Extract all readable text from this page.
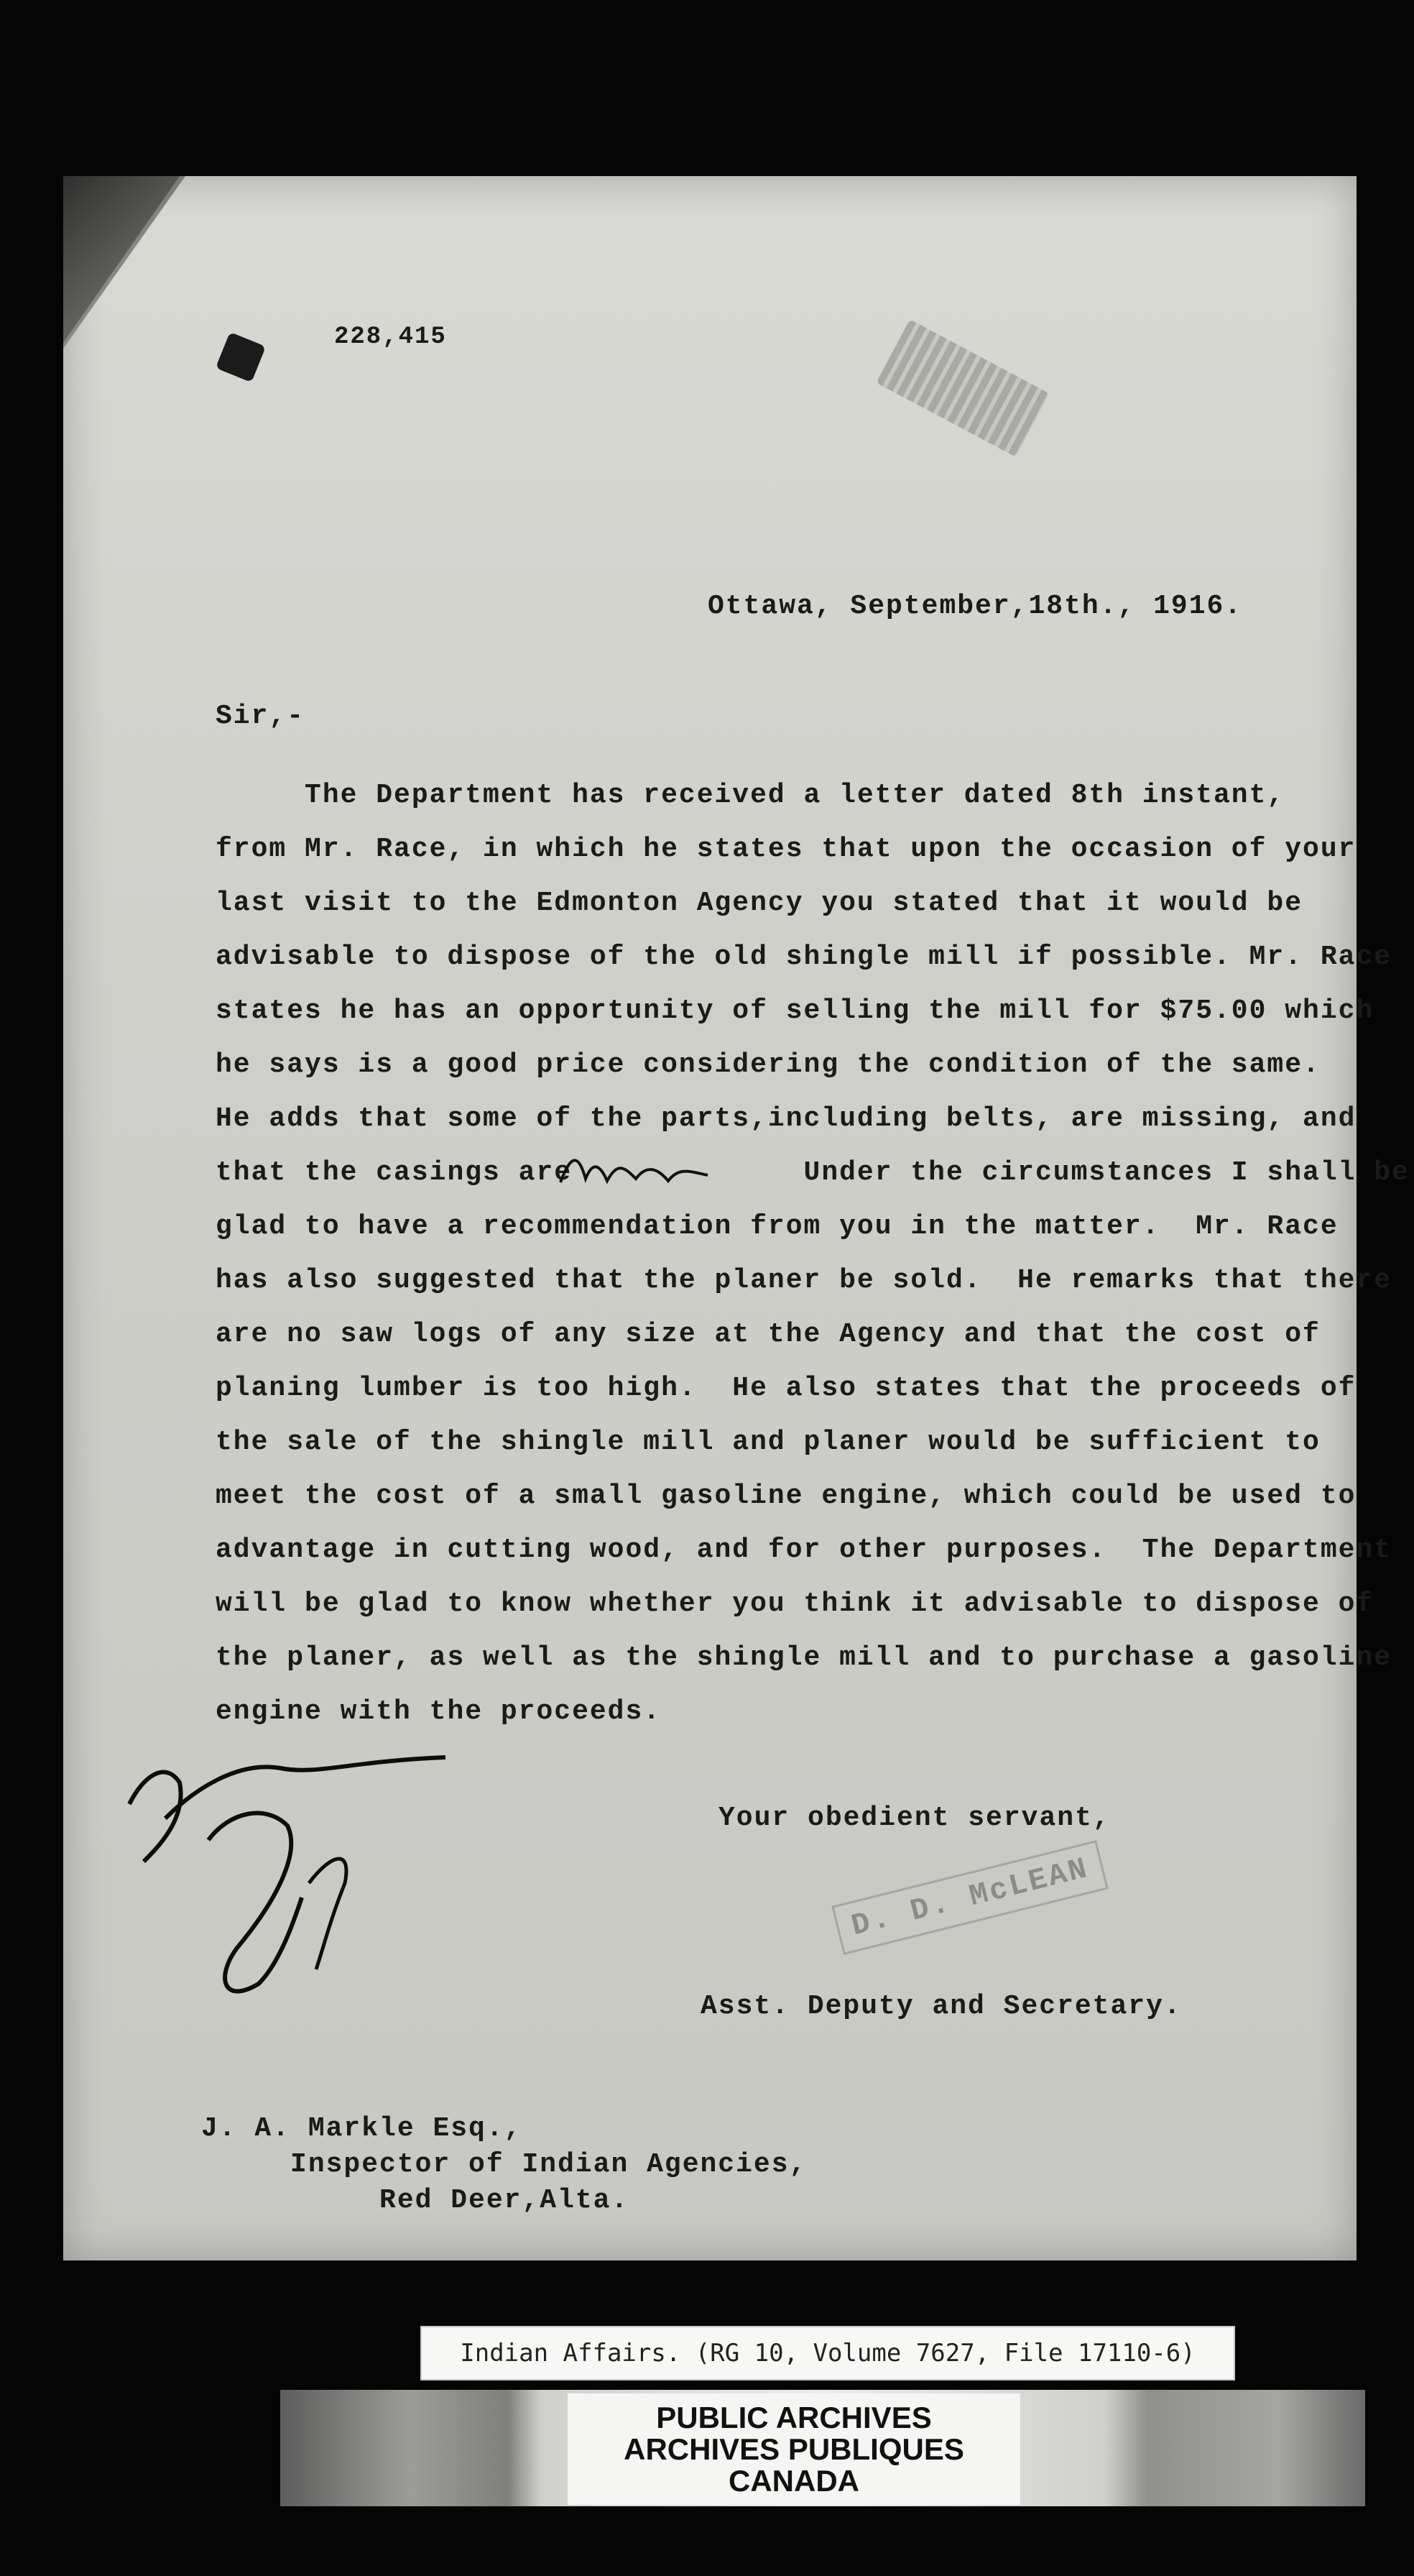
228,415
Ottawa, September,18th., 1916.
Sir,-
The Department has received a letter dated 8th instant,
from Mr. Race, in which he states that upon the occasion of your
last visit to the Edmonton Agency you stated that it would be
advisable to dispose of the old shingle mill if possible. Mr. Race
states he has an opportunity of selling the mill for $75.00 which
he says is a good price considering the condition of the same.
He adds that some of the parts,including belts, are missing, and
that the casings are             Under the circumstances I shall be
glad to have a recommendation from you in the matter.  Mr. Race
has also suggested that the planer be sold.  He remarks that there
are no saw logs of any size at the Agency and that the cost of
planing lumber is too high.  He also states that the proceeds of
the sale of the shingle mill and planer would be sufficient to
meet the cost of a small gasoline engine, which could be used to
advantage in cutting wood, and for other purposes.  The Department
will be glad to know whether you think it advisable to dispose of
the planer, as well as the shingle mill and to purchase a gasoline
engine with the proceeds.
Your obedient servant,
D. D. McLEAN
Asst. Deputy and Secretary.
J. A. Markle Esq.,
Inspector of Indian Agencies,
Red Deer,Alta.
Indian Affairs. (RG 10, Volume 7627, File 17110-6)
PUBLIC ARCHIVES
ARCHIVES PUBLIQUES
CANADA
